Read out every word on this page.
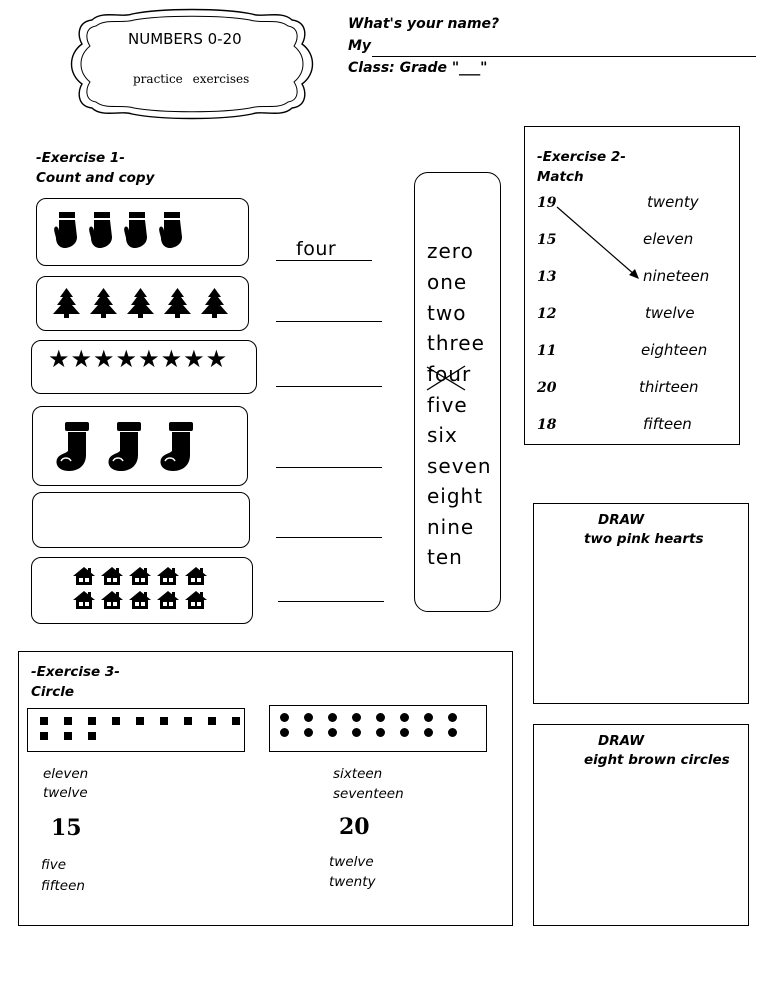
NUMBERS 0-20
practice exercises
What's your name?
My
Class: Grade "___"
-Exercise 1-
Count and copy
four
★★★★★★★★
zero
one
two
three
four
five
six
seven
eight
nine
ten
-Exercise 2-
Match
19
15
13
12
11
20
18
twenty
eleven
nineteen
twelve
eighteen
thirteen
fifteen
DRAW
two pink hearts
DRAW
eight brown circles
-Exercise 3-
Circle
eleven
twelve
15
five
fifteen
sixteen
seventeen
20
twelve
twenty
